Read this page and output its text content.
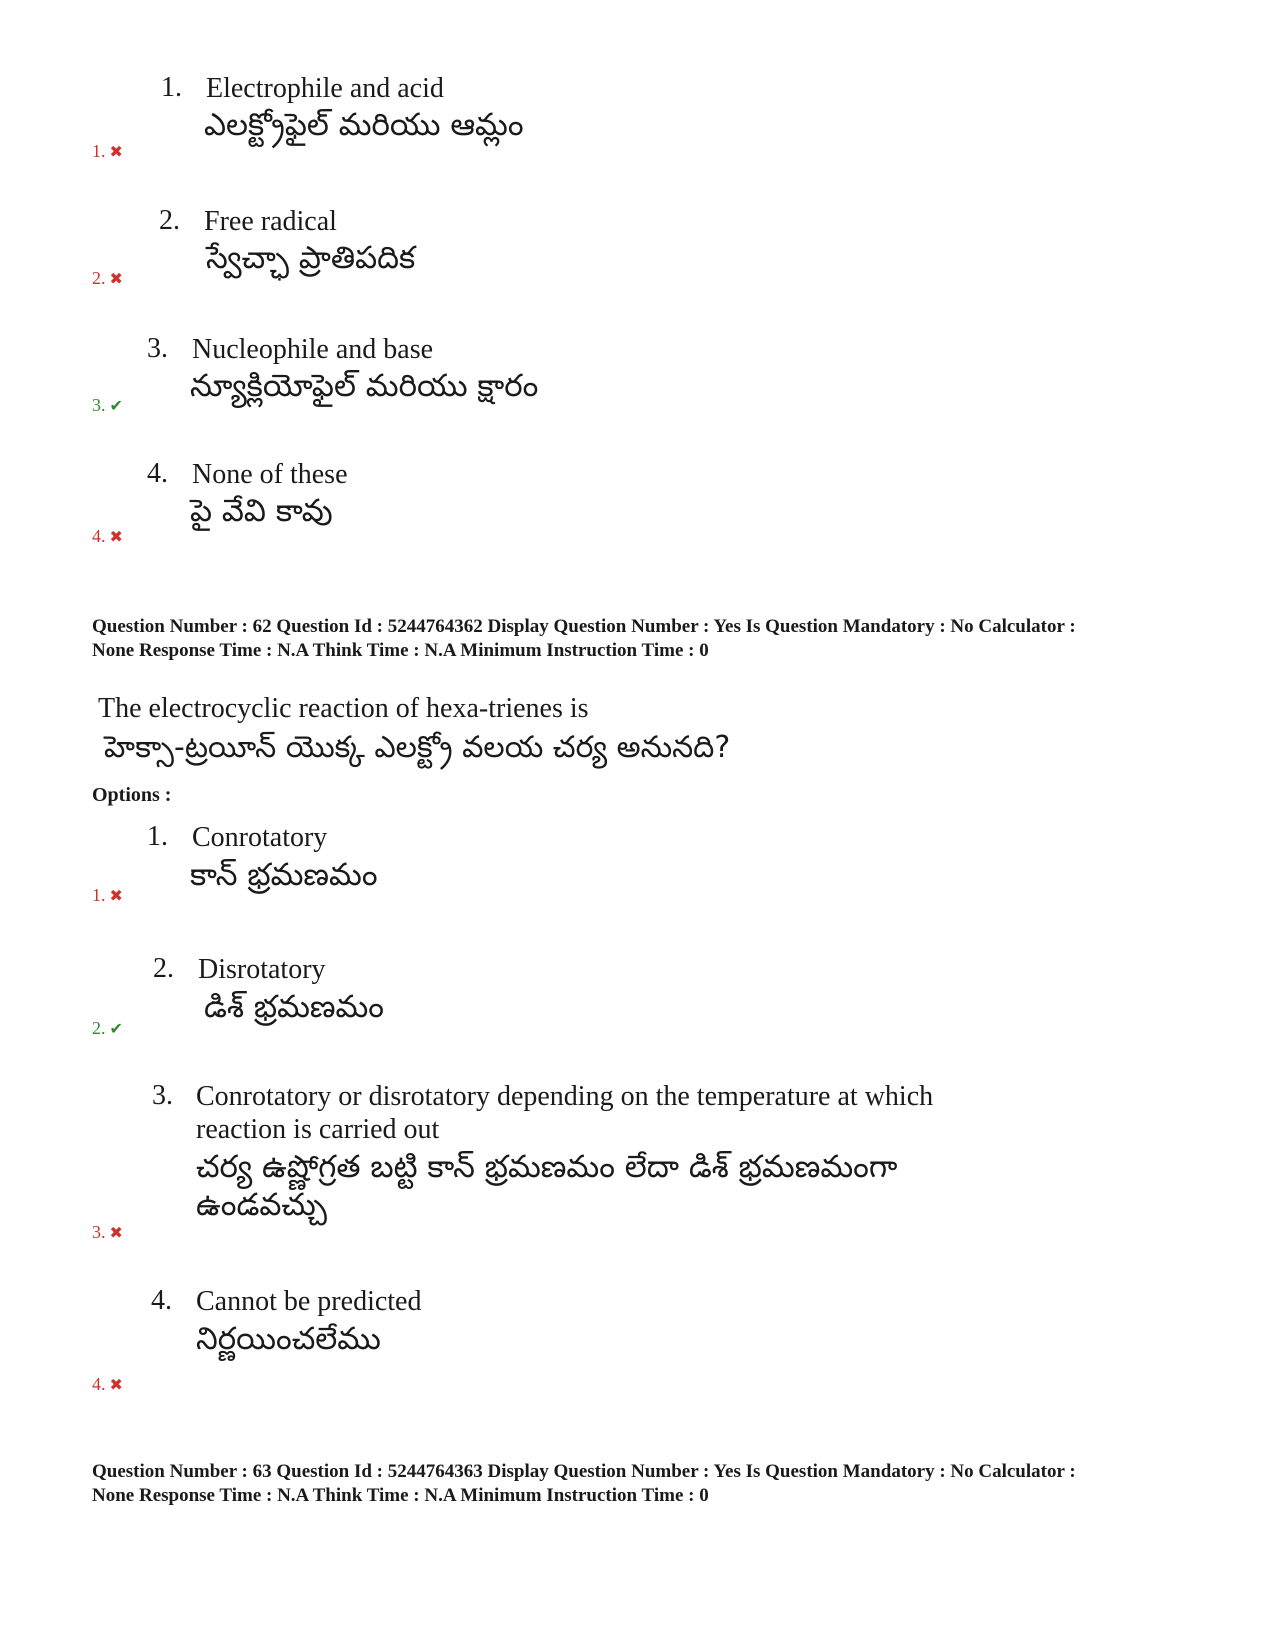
1. Electrophile and acid
ఎలక్ట్రోఫైల్ మరియు ఆమ్లం
1. ✖
2. Free radical
స్వేచ్ఛా ప్రాతిపదిక
2. ✖
3. Nucleophile and base
న్యూక్లియోఫైల్ మరియు క్షారం
3. ✔
4. None of these
పై వేవి కావు
4. ✖
Question Number : 62 Question Id : 5244764362 Display Question Number : Yes Is Question Mandatory : No Calculator :
None Response Time : N.A Think Time : N.A Minimum Instruction Time : 0
The electrocyclic reaction of hexa-trienes is
హెక్సా-ట్రయీన్ యొక్క ఎలక్ట్రో వలయ చర్య అనునది?
Options :
1. Conrotatory
కాన్ భ్రమణమం
1. ✖
2. Disrotatory
డిశ్ భ్రమణమం
2. ✔
3. Conrotatory or disrotatory depending on the temperature at which
reaction is carried out
చర్య ఉష్ణోగ్రత బట్టి కాన్ భ్రమణమం లేదా డిశ్ భ్రమణమంగా
ఉండవచ్చు
3. ✖
4. Cannot be predicted
నిర్ణయించలేము
4. ✖
Question Number : 63 Question Id : 5244764363 Display Question Number : Yes Is Question Mandatory : No Calculator :
None Response Time : N.A Think Time : N.A Minimum Instruction Time : 0
